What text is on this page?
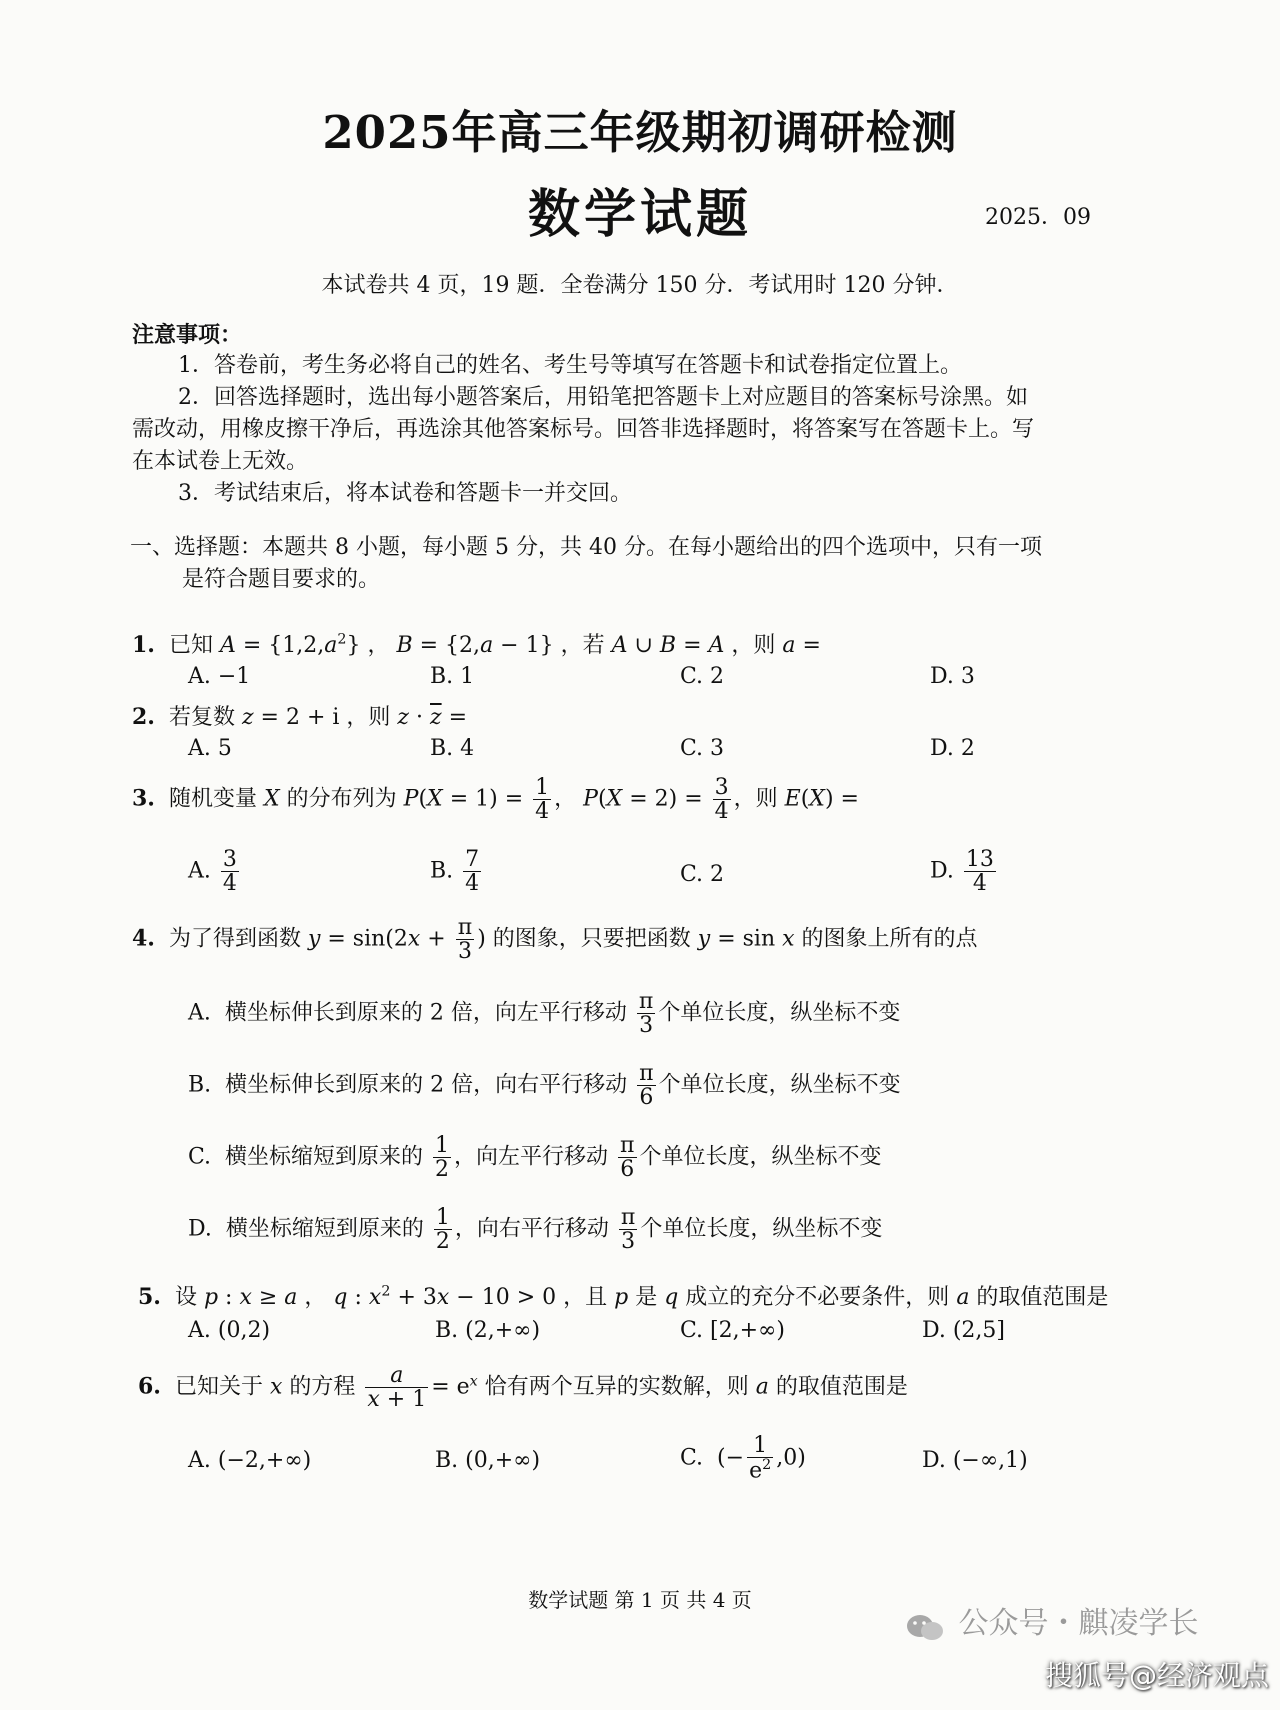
2025年高三年级期初调研检测
数学试题	2025．09
本试卷共 4 页，19 题．全卷满分 150 分．考试用时 120 分钟．
注意事项：
1．答卷前，考生务必将自己的姓名、考生号等填写在答题卡和试卷指定位置上。
2．回答选择题时，选出每小题答案后，用铅笔把答题卡上对应题目的答案标号涂黑。如
需改动，用橡皮擦干净后，再选涂其他答案标号。回答非选择题时，将答案写在答题卡上。写
在本试卷上无效。
3．考试结束后，将本试卷和答题卡一并交回。
一、选择题：本题共 8 小题，每小题 5 分，共 40 分。在每小题给出的四个选项中，只有一项
是符合题目要求的。
1.  已知 $A = \{1,2,a^2\}$ ， B = {2,a − 1} ，若 A ∪ B = A ，则 a =
A. −1	B. 1	C. 2	D. 3
2.  若复数 z = 2 + i ，则 $z \cdot \overline{z}$ =
A. 5	B. 4	C. 3	D. 2
3.  随机变量 X 的分布列为 $P(X = 1) = \frac{1}{4}$ ， $P(X = 2) = \frac{3}{4}$ ，则 E(X) =
A. $\frac{3}{4}$	B. $\frac{7}{4}$	C. 2	D. $\frac{13}{4}$
4.  为了得到函数 $y = \sin(2x + \frac{\pi}{3}$ ) 的图象，只要把函数 y = sin x 的图象上所有的点
A.  横坐标伸长到原来的 2 倍，向左平行移动 $\frac{\pi}{3}$ 个单位长度，纵坐标不变
B.  横坐标伸长到原来的 2 倍，向右平行移动 $\frac{\pi}{6}$ 个单位长度，纵坐标不变
C.  横坐标缩短到原来的 $\frac{1}{2}$ ，向左平行移动 $\frac{\pi}{6}$ 个单位长度，纵坐标不变
D.  横坐标缩短到原来的 $\frac{1}{2}$ ，向右平行移动 $\frac{\pi}{3}$ 个单位长度，纵坐标不变
5.  设 p : x ≥ a ， q : $x^2 + 3x - 10 > 0$ ，且 p 是 q 成立的充分不必要条件，则 a 的取值范围是
A. (0,2)	B. (2,+∞)	C. [2,+∞)	D. (2,5]
6.  已知关于 x 的方程 $\frac{a}{x + 1} = e^x$ 恰有两个互异的实数解，则 a 的取值范围是
A. (−2,+∞)	B. (0,+∞)	C.  (− $\frac{1}{e^2} ,0$)	D. (−∞,1)
数学试题 第 1 页 共 4 页
公众号・麒凌学长
搜狐号@经济观点
